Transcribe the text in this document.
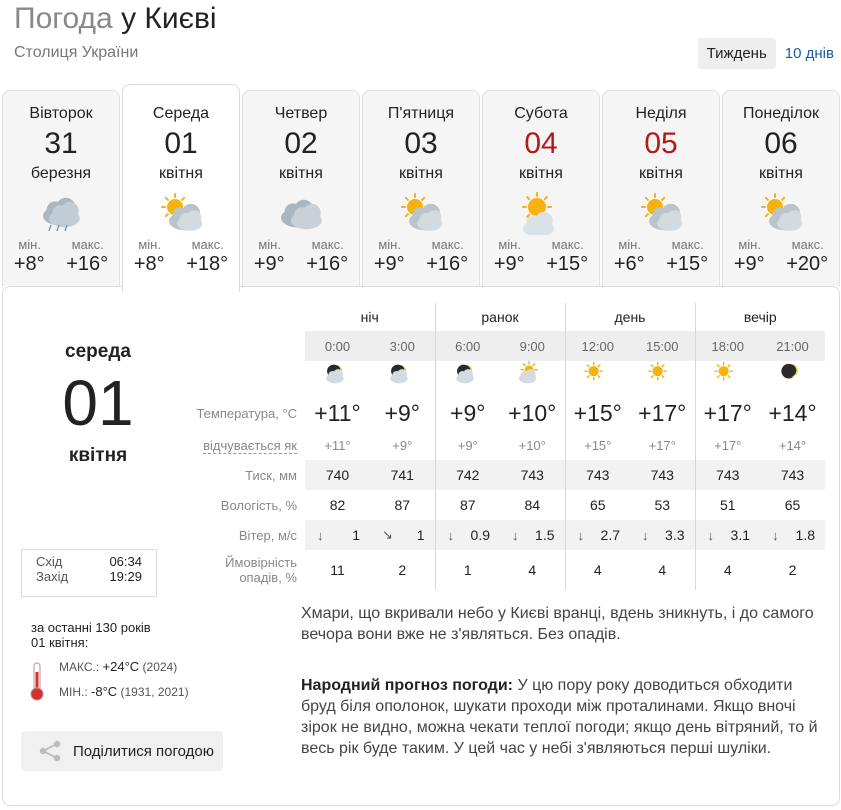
Погода у Києві
Столиця України	Тиждень	10 днів
Вівторок
31
березня
мін. макс.
+8° +16°
Середа
01
квітня
мін. макс.
+8° +18°
Четвер
02
квітня
мін. макс.
+9° +16°
П'ятниця
03
квітня
мін. макс.
+9° +16°
Субота
04
квітня
мін. макс.
+9° +15°
Неділя
05
квітня
мін. макс.
+6° +15°
Понеділок
06
квітня
мін. макс.
+9° +20°
середа
01
квітня
Схід	06:34
Захід	19:29
за останні 130 років
01 квітня:
МАКС.: +24°C (2024)
МІН.: -8°C (1931, 2021)
Поділитися погодою
	ніч		ранок		день		вечір	
	0:00	3:00	6:00	9:00	12:00	15:00	18:00	21:00

Температура, °C	+11°	+9°	+9°	+10°	+15°	+17°	+17°	+14°
відчувається як	+11°	+9°	+9°	+10°	+15°	+17°	+17°	+14°
Тиск, мм	740	741	742	743	743	743	743	743
Вологість, %	82	87	87	84	65	53	51	65
Вітер, м/с	↓ 1	↘ 1	↓ 0.9	↓ 1.5	↓ 2.7	↓ 3.3	↓ 3.1	↓ 1.8

Ймовірність
опадів, %	11	2	1	4	4	4	4	2
Хмари, що вкривали небо у Києві вранці, вдень зникнуть, і до самого вечора вони вже не з'являться. Без опадів.
Народний прогноз погоди: У цю пору року доводиться обходити бруд біля ополонок, шукати проходи між проталинами. Якщо вночі зірок не видно, можна чекати теплої погоди; якщо день вітряний, то й весь рік буде таким. У цей час у небі з'являються перші шуліки.
